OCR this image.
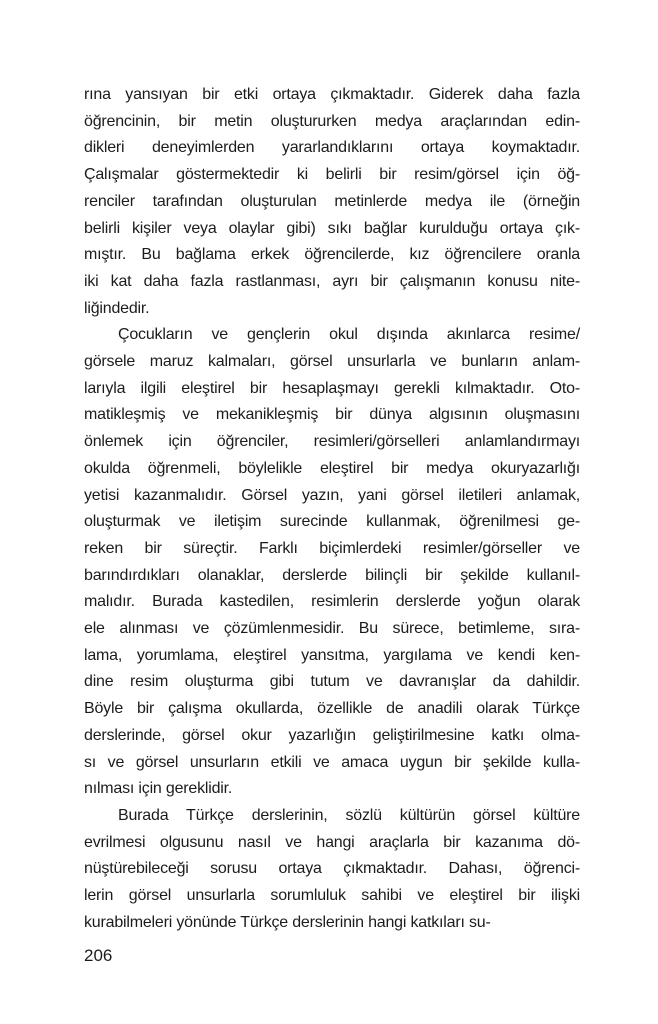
rına yansıyan bir etki ortaya çıkmaktadır. Giderek daha fazla
öğrencinin, bir metin oluştururken medya araçlarından edin-
dikleri deneyimlerden yararlandıklarını ortaya koymaktadır.
Çalışmalar göstermektedir ki belirli bir resim/görsel için öğ-
renciler tarafından oluşturulan metinlerde medya ile (örneğin
belirli kişiler veya olaylar gibi) sıkı bağlar kurulduğu ortaya çık-
mıştır. Bu bağlama erkek öğrencilerde, kız öğrencilere oranla
iki kat daha fazla rastlanması, ayrı bir çalışmanın konusu nite-
liğindedir.
Çocukların ve gençlerin okul dışında akınlarca resime/
görsele maruz kalmaları, görsel unsurlarla ve bunların anlam-
larıyla ilgili eleştirel bir hesaplaşmayı gerekli kılmaktadır. Oto-
matikleşmiş ve mekanikleşmiş bir dünya algısının oluşmasını
önlemek için öğrenciler, resimleri/görselleri anlamlandırmayı
okulda öğrenmeli, böylelikle eleştirel bir medya okuryazarlığı
yetisi kazanmalıdır. Görsel yazın, yani görsel iletileri anlamak,
oluşturmak ve iletişim surecinde kullanmak, öğrenilmesi ge-
reken bir süreçtir. Farklı biçimlerdeki resimler/görseller ve
barındırdıkları olanaklar, derslerde bilinçli bir şekilde kullanıl-
malıdır. Burada kastedilen, resimlerin derslerde yoğun olarak
ele alınması ve çözümlenmesidir. Bu sürece, betimleme, sıra-
lama, yorumlama, eleştirel yansıtma, yargılama ve kendi ken-
dine resim oluşturma gibi tutum ve davranışlar da dahildir.
Böyle bir çalışma okullarda, özellikle de anadili olarak Türkçe
derslerinde, görsel okur yazarlığın geliştirilmesine katkı olma-
sı ve görsel unsurların etkili ve amaca uygun bir şekilde kulla-
nılması için gereklidir.
Burada Türkçe derslerinin, sözlü kültürün görsel kültüre
evrilmesi olgusunu nasıl ve hangi araçlarla bir kazanıma dö-
nüştürebileceği sorusu ortaya çıkmaktadır. Dahası, öğrenci-
lerin görsel unsurlarla sorumluluk sahibi ve eleştirel bir ilişki
kurabilmeleri yönünde Türkçe derslerinin hangi katkıları su-
206
